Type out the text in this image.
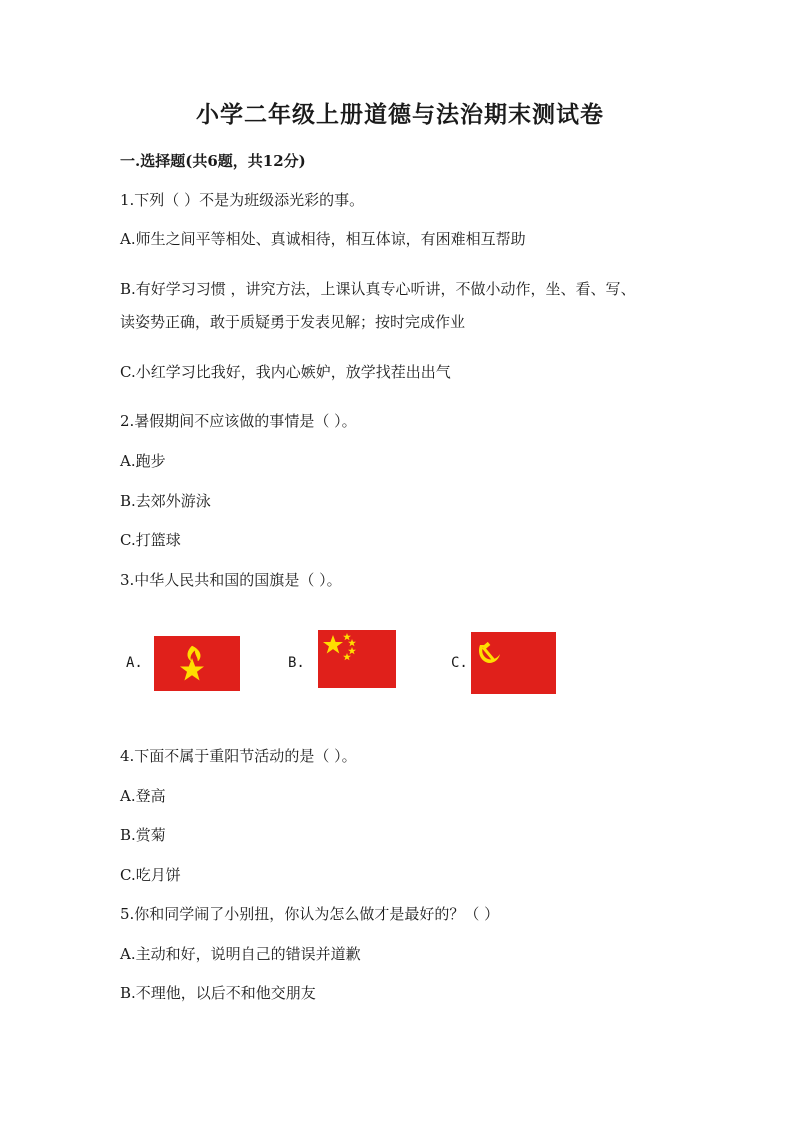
小学二年级上册道德与法治期末测试卷
一.选择题(共6题，共12分)
1.下列（ ）不是为班级添光彩的事。
A.师生之间平等相处、真诚相待，相互体谅，有困难相互帮助
B.有好学习习惯 ，讲究方法，上课认真专心听讲，不做小动作，坐、看、写、
读姿势正确，敢于质疑勇于发表见解；按时完成作业
C.小红学习比我好，我内心嫉妒，放学找茬出出气
2.暑假期间不应该做的事情是（ ）。
A.跑步
B.去郊外游泳
C.打篮球
3.中华人民共和国的国旗是（ ）。
A.	B.	C.
4.下面不属于重阳节活动的是（ ）。
A.登高
B.赏菊
C.吃月饼
5.你和同学闹了小别扭，你认为怎么做才是最好的？（ ）
A.主动和好，说明自己的错误并道歉
B.不理他，以后不和他交朋友
